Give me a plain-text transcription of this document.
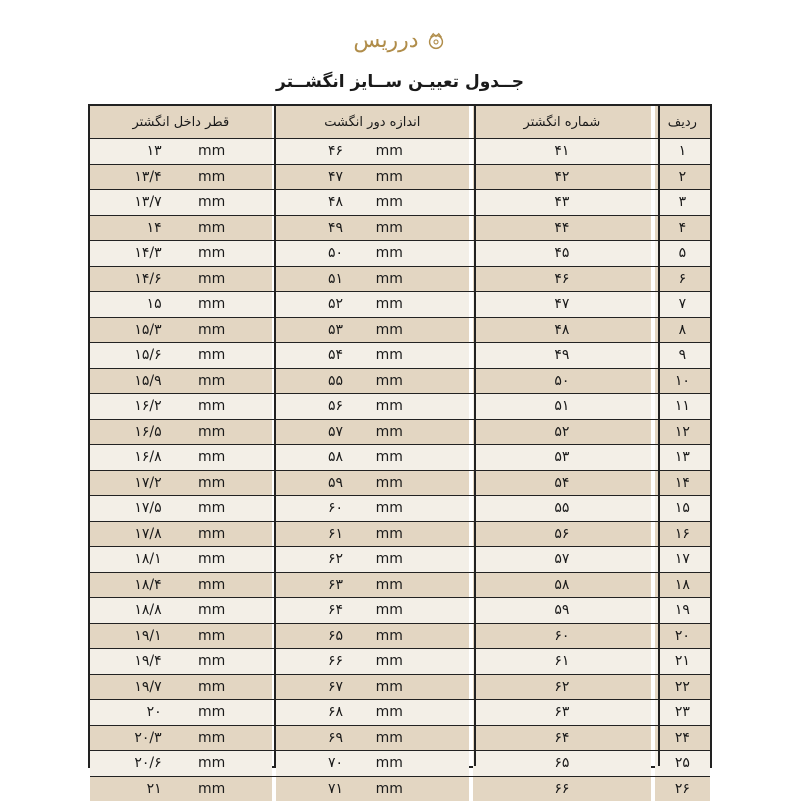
درریس
جــدول تعییـن ســایز انگشــتر
قطر داخل انگشتر	اندازه دور انگشت	شماره انگشتر	ردیف
۱۳	mm	۴۶ mm	۴۱	۱
۱۳/۴	mm	۴۷ mm	۴۲	۲
۱۳/۷	mm	۴۸ mm	۴۳	۳
۱۴	mm	۴۹ mm	۴۴	۴
۱۴/۳	mm	۵۰ mm	۴۵	۵
۱۴/۶	mm	۵۱ mm	۴۶	۶
۱۵	mm	۵۲ mm	۴۷	۷
۱۵/۳	mm	۵۳ mm	۴۸	۸
۱۵/۶	mm	۵۴ mm	۴۹	۹
۱۵/۹	mm	۵۵ mm	۵۰	۱۰
۱۶/۲	mm	۵۶ mm	۵۱	۱۱
۱۶/۵	mm	۵۷ mm	۵۲	۱۲
۱۶/۸	mm	۵۸ mm	۵۳	۱۳
۱۷/۲	mm	۵۹ mm	۵۴	۱۴
۱۷/۵	mm	۶۰ mm	۵۵	۱۵
۱۷/۸	mm	۶۱ mm	۵۶	۱۶
۱۸/۱	mm	۶۲ mm	۵۷	۱۷
۱۸/۴	mm	۶۳ mm	۵۸	۱۸
۱۸/۸	mm	۶۴ mm	۵۹	۱۹
۱۹/۱	mm	۶۵ mm	۶۰	۲۰
۱۹/۴	mm	۶۶ mm	۶۱	۲۱
۱۹/۷	mm	۶۷ mm	۶۲	۲۲
۲۰	mm	۶۸ mm	۶۳	۲۳
۲۰/۳	mm	۶۹ mm	۶۴	۲۴
۲۰/۶	mm	۷۰ mm	۶۵	۲۵
۲۱	mm	۷۱ mm	۶۶	۲۶
